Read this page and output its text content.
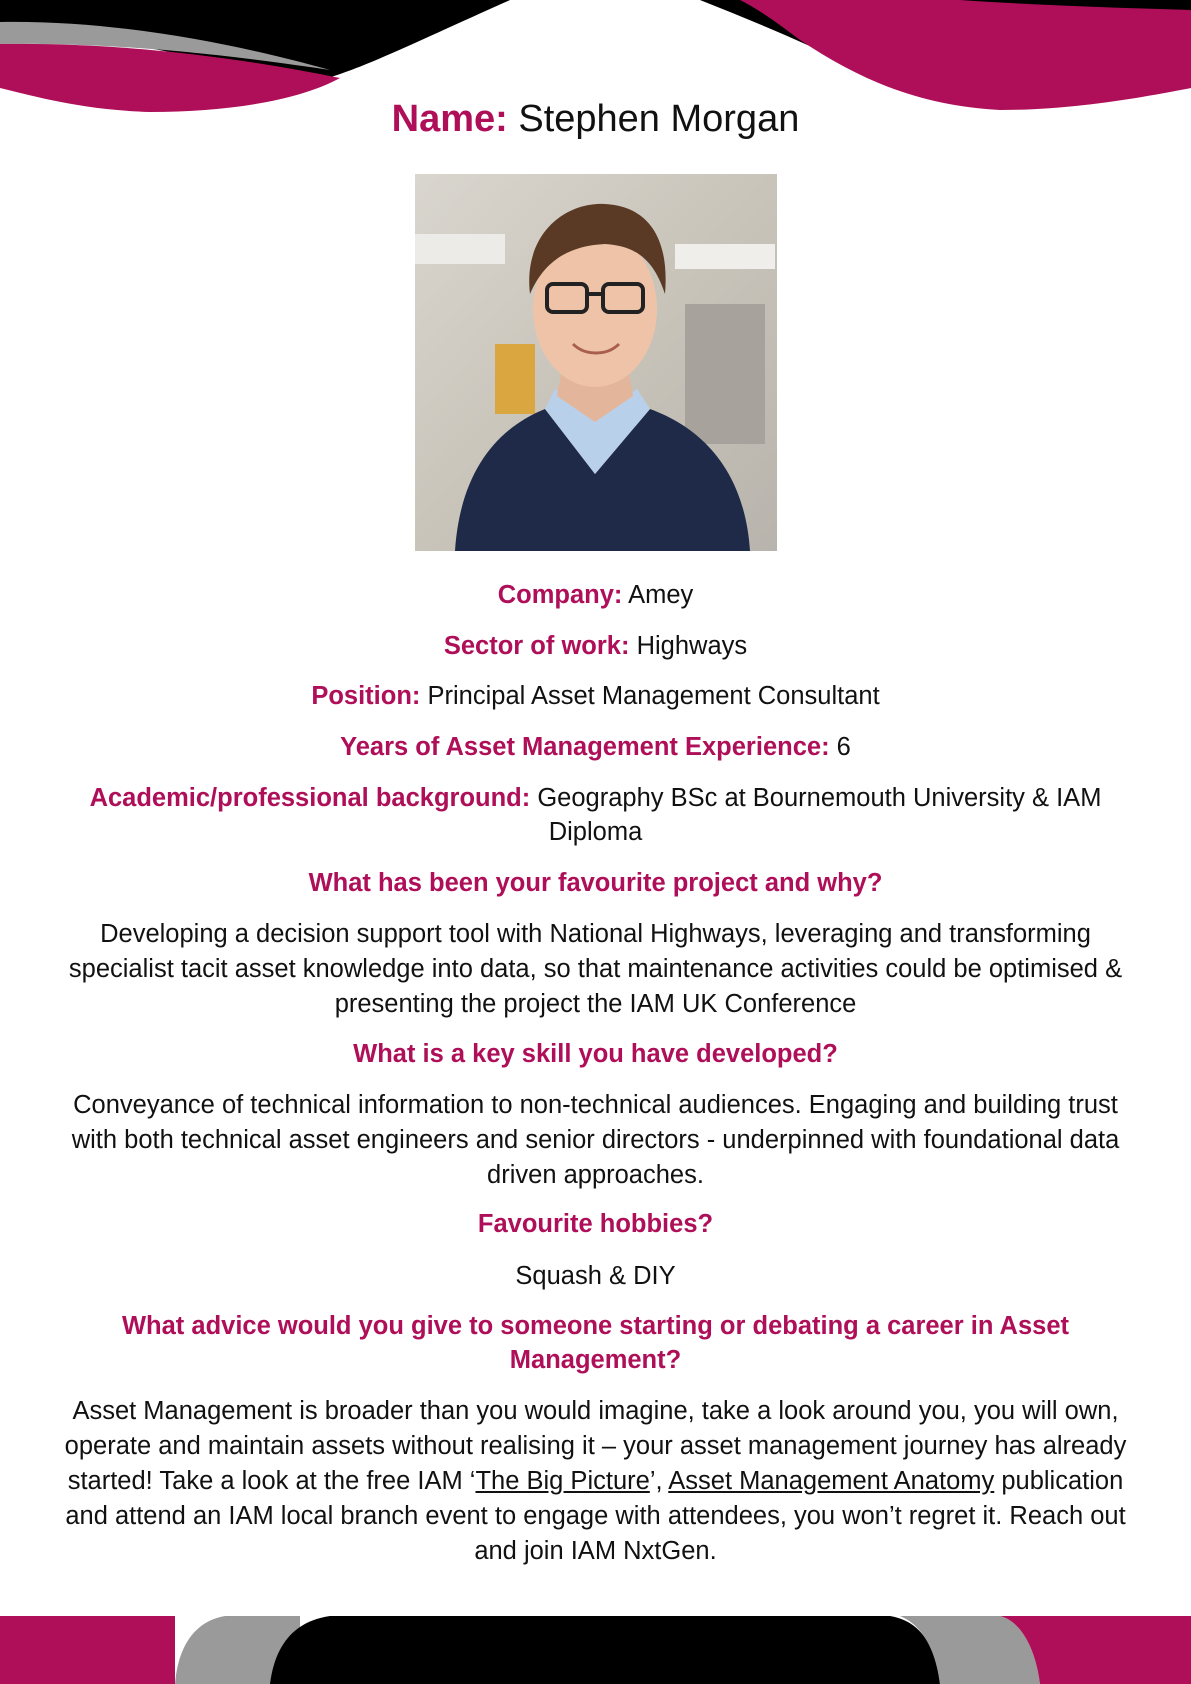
Name: Stephen Morgan
Company: Amey
Sector of work: Highways
Position: Principal Asset Management Consultant
Years of Asset Management Experience: 6
Academic/professional background: Geography BSc at Bournemouth University & IAM Diploma
What has been your favourite project and why?
Developing a decision support tool with National Highways, leveraging and transforming specialist tacit asset knowledge into data, so that maintenance activities could be optimised & presenting the project the IAM UK Conference
What is a key skill you have developed?
Conveyance of technical information to non-technical audiences. Engaging and building trust with both technical asset engineers and senior directors - underpinned with foundational data driven approaches.
Favourite hobbies?
Squash & DIY
What advice would you give to someone starting or debating a career in Asset Management?
Asset Management is broader than you would imagine, take a look around you, you will own, operate and maintain assets without realising it – your asset management journey has already started! Take a look at the free IAM ‘The Big Picture’, Asset Management Anatomy publication and attend an IAM local branch event to engage with attendees, you won’t regret it. Reach out and join IAM NxtGen.
